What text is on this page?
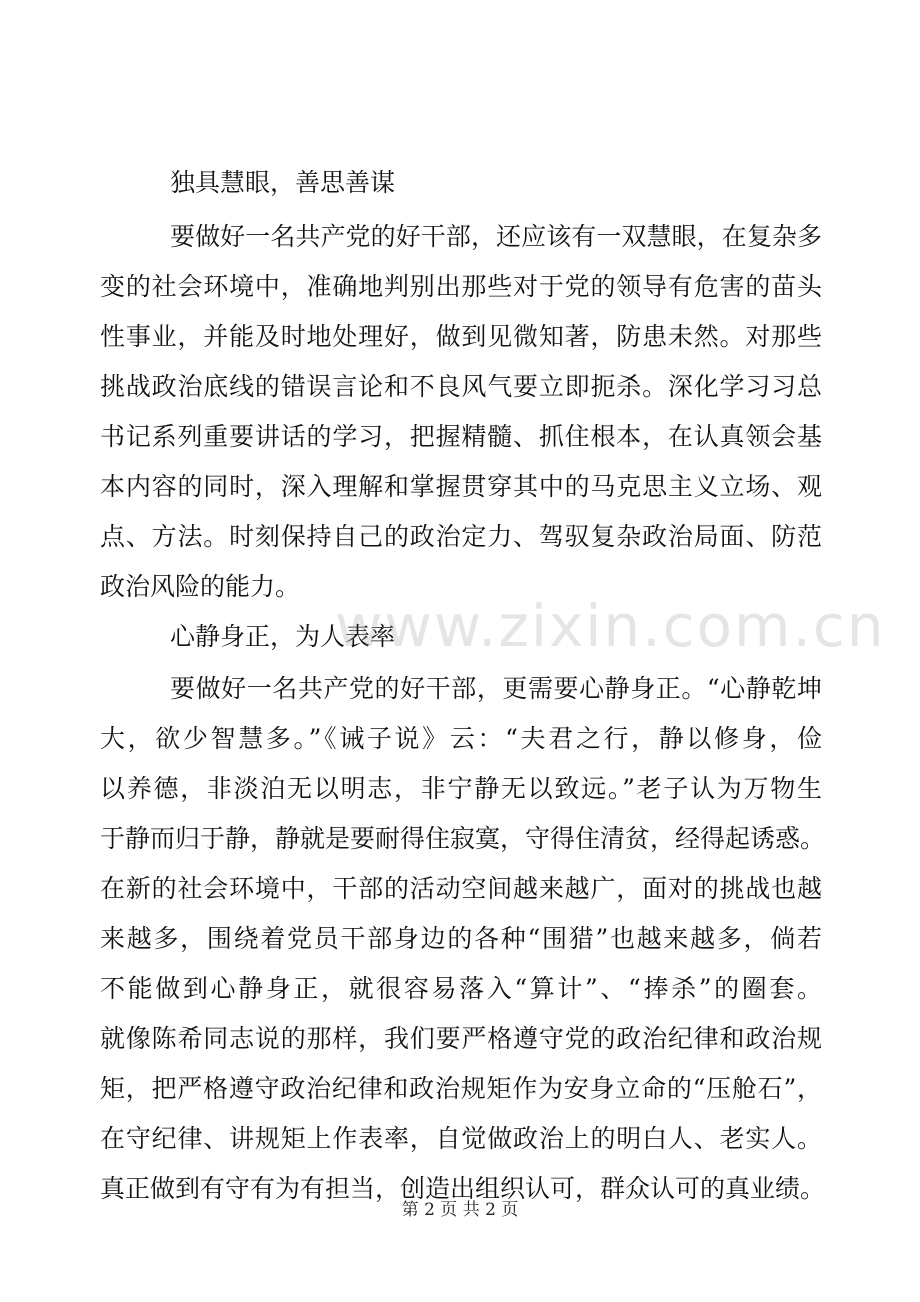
独具慧眼，善思善谋
要做好一名共产党的好干部，还应该有一双慧眼，在复杂多
变的社会环境中，准确地判别出那些对于党的领导有危害的苗头
性事业，并能及时地处理好，做到见微知著，防患未然。对那些
挑战政治底线的错误言论和不良风气要立即扼杀。深化学习习总
书记系列重要讲话的学习，把握精髓、抓住根本，在认真领会基
本内容的同时，深入理解和掌握贯穿其中的马克思主义立场、观
点、方法。时刻保持自己的政治定力、驾驭复杂政治局面、防范
政治风险的能力。
心静身正，为人表率
要做好一名共产党的好干部，更需要心静身正。“心静乾坤
大，欲少智慧多。”《诫子说》云：“夫君之行，静以修身，俭
以养德，非淡泊无以明志，非宁静无以致远。”老子认为万物生
于静而归于静，静就是要耐得住寂寞，守得住清贫，经得起诱惑。
在新的社会环境中，干部的活动空间越来越广，面对的挑战也越
来越多，围绕着党员干部身边的各种“围猎”也越来越多，倘若
不能做到心静身正，就很容易落入“算计”、“捧杀”的圈套。
就像陈希同志说的那样，我们要严格遵守党的政治纪律和政治规
矩，把严格遵守政治纪律和政治规矩作为安身立命的“压舱石”，
在守纪律、讲规矩上作表率，自觉做政治上的明白人、老实人。
真正做到有守有为有担当，创造出组织认可，群众认可的真业绩。
www.zixin.com.cn
第 2 页 共 2 页
